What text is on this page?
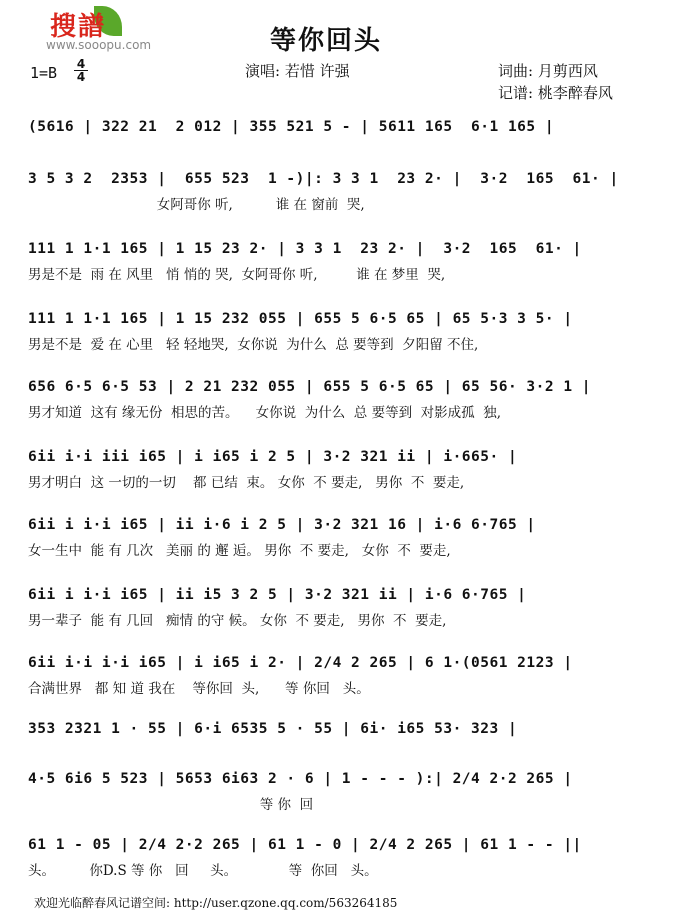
搜譜
www.sooopu.com	等你回头
演唱: 若惜 许强	词曲: 月剪西风
记谱: 桃李醉春风
1=B 4
4
(5616 | 322 21  2 012 | 355 521 5 - | 5611 165  6·1 165 |
3 5 3 2  2353 |  655 523  1 -)|: 3 3 1  23 2· |  3·2  165  61· |
女阿哥你 听,          谁 在 窗前  哭,
111 1 1·1 165 | 1 15 23 2· | 3 3 1  23 2· |  3·2  165  61· |
男是不是  雨 在 风里   悄 悄的 哭,  女阿哥你 听,         谁 在 梦里  哭,
111 1 1·1 165 | 1 15 232 055 | 655 5 6·5 65 | 65 5·3 3 5· |
男是不是  爱 在 心里   轻 轻地哭,  女你说  为什么  总 要等到  夕阳留 不住,
656 6·5 6·5 53 | 2 21 232 055 | 655 5 6·5 65 | 65 56· 3·2 1 |
男才知道  这有 缘无份  相思的苦。    女你说  为什么  总 要等到  对影成孤  独,
6ii i·i iii i65 | i i65 i 2 5 | 3·2 321 ii | i·665· |
男才明白  这 一切的一切    都 已结  束。 女你  不 要走,   男你  不  要走,
6ii i i·i i65 | ii i·6 i 2 5 | 3·2 321 16 | i·6 6·765 |
女一生中  能 有 几次   美丽 的 邂 逅。 男你  不 要走,   女你  不  要走,
6ii i i·i i65 | ii i5 3 2 5 | 3·2 321 ii | i·6 6·765 |
男一辈子  能 有 几回   痴情 的守 候。 女你  不 要走,   男你  不  要走,
6ii i·i i·i i65 | i i65 i 2· | 2/4 2 265 | 6 1·(0561 2123 |
合满世界   都 知 道 我在    等你回  头,      等 你回   头。
353 2321 1 · 55 | 6·i 6535 5 · 55 | 6i· i65 53· 323 |
4·5 6i6 5 523 | 5653 6i63 2 · 6 | 1 - - - ):| 2/4 2·2 265 |
等 你  回
61 1 - 05 | 2/4 2·2 265 | 61 1 - 0 | 2/4 2 265 | 61 1 - - ||
头。        你D.S 等 你   回     头。            等  你回   头。
欢迎光临醉春风记谱空间: http://user.qzone.qq.com/563264185
